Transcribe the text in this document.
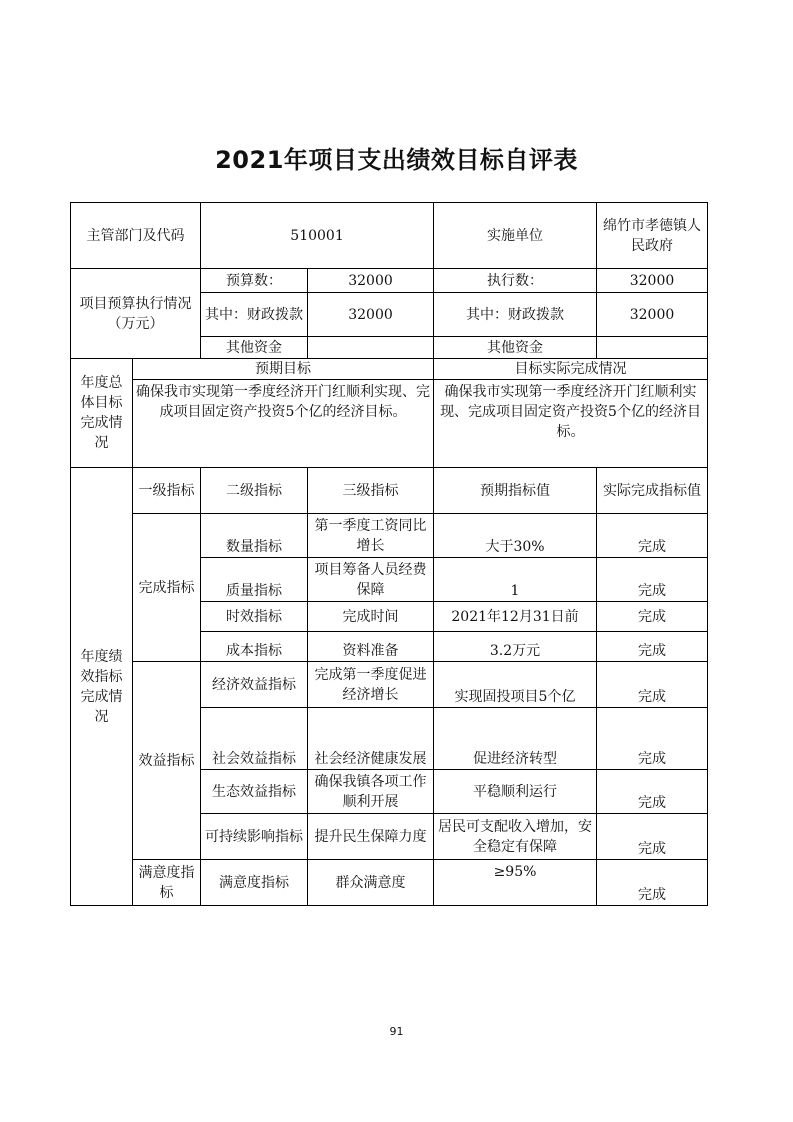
2021年项目支出绩效目标自评表
主管部门及代码		510001		实施单位	绵竹市孝德镇人民政府
项目预算执行情况（万元）		预算数：	32000	执行数：	32000
		其中：财政拨款	32000	其中：财政拨款	32000
		其他资金		其他资金	
年度总体目标完成情况	预期目标			目标实际完成情况	
	确保我市实现第一季度经济开门红顺利实现、完成项目固定资产投资5个亿的经济目标。			确保我市实现第一季度经济开门红顺利实现、完成项目固定资产投资5个亿的经济目标。	
年度绩效指标完成情况	一级指标	二级指标	三级指标	预期指标值	实际完成指标值
	完成指标	数量指标	第一季度工资同比增长	大于30%	完成
		质量指标	项目筹备人员经费保障	1	完成
		时效指标	完成时间	2021年12月31日前	完成
		成本指标	资料准备	3.2万元	完成
	效益指标	经济效益指标	完成第一季度促进经济增长	实现固投项目5个亿	完成
		社会效益指标	社会经济健康发展	促进经济转型	完成
		生态效益指标	确保我镇各项工作顺利开展	平稳顺利运行	完成
		可持续影响指标	提升民生保障力度	居民可支配收入增加，安全稳定有保障	完成
	满意度指标	满意度指标	群众满意度	≥95%	完成
91
